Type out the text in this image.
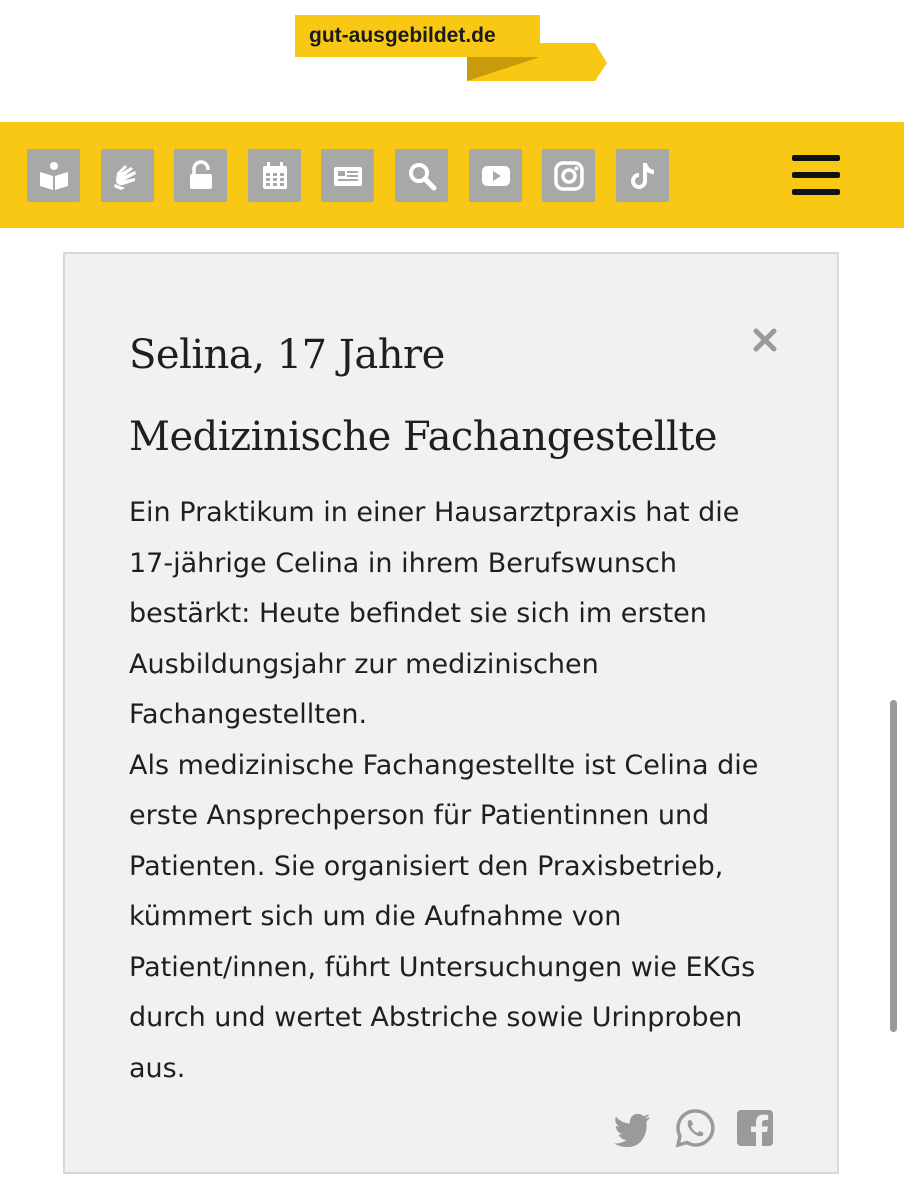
gut-ausgebildet.de
Selina, 17 Jahre
Medizinische Fachangestellte

Ein Praktikum in einer Hausarztpraxis hat die 17-jährige Celina in ihrem Berufswunsch bestärkt: Heute befindet sie sich im ersten Ausbildungsjahr zur medizinischen Fachangestellten.

Als medizinische Fachangestellte ist Celina die erste Ansprechperson für Patientinnen und Patienten. Sie organisiert den Praxisbetrieb, kümmert sich um die Aufnahme von Patient/innen, führt Untersuchungen wie EKGs durch und wertet Abstriche sowie Urinproben aus.
